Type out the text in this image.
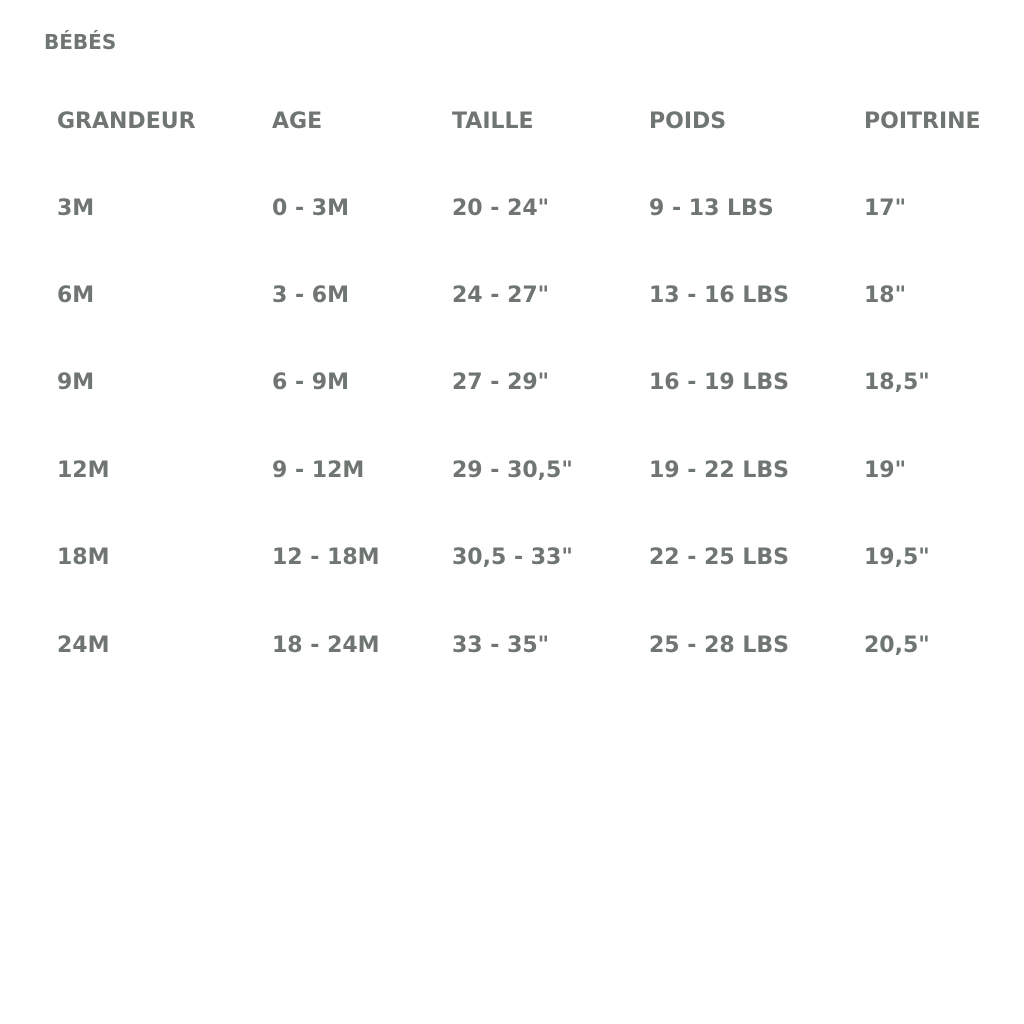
BÉBÉS
GRANDEUR	AGE	TAILLE	POIDS	POITRINE
3M	0 - 3M	20 - 24"	9 - 13 LBS	17"
6M	3 - 6M	24 - 27"	13 - 16 LBS	18"
9M	6 - 9M	27 - 29"	16 - 19 LBS	18,5"
12M	9 - 12M	29 - 30,5"	19 - 22 LBS	19"
18M	12 - 18M	30,5 - 33"	22 - 25 LBS	19,5"
24M	18 - 24M	33 - 35"	25 - 28 LBS	20,5"
